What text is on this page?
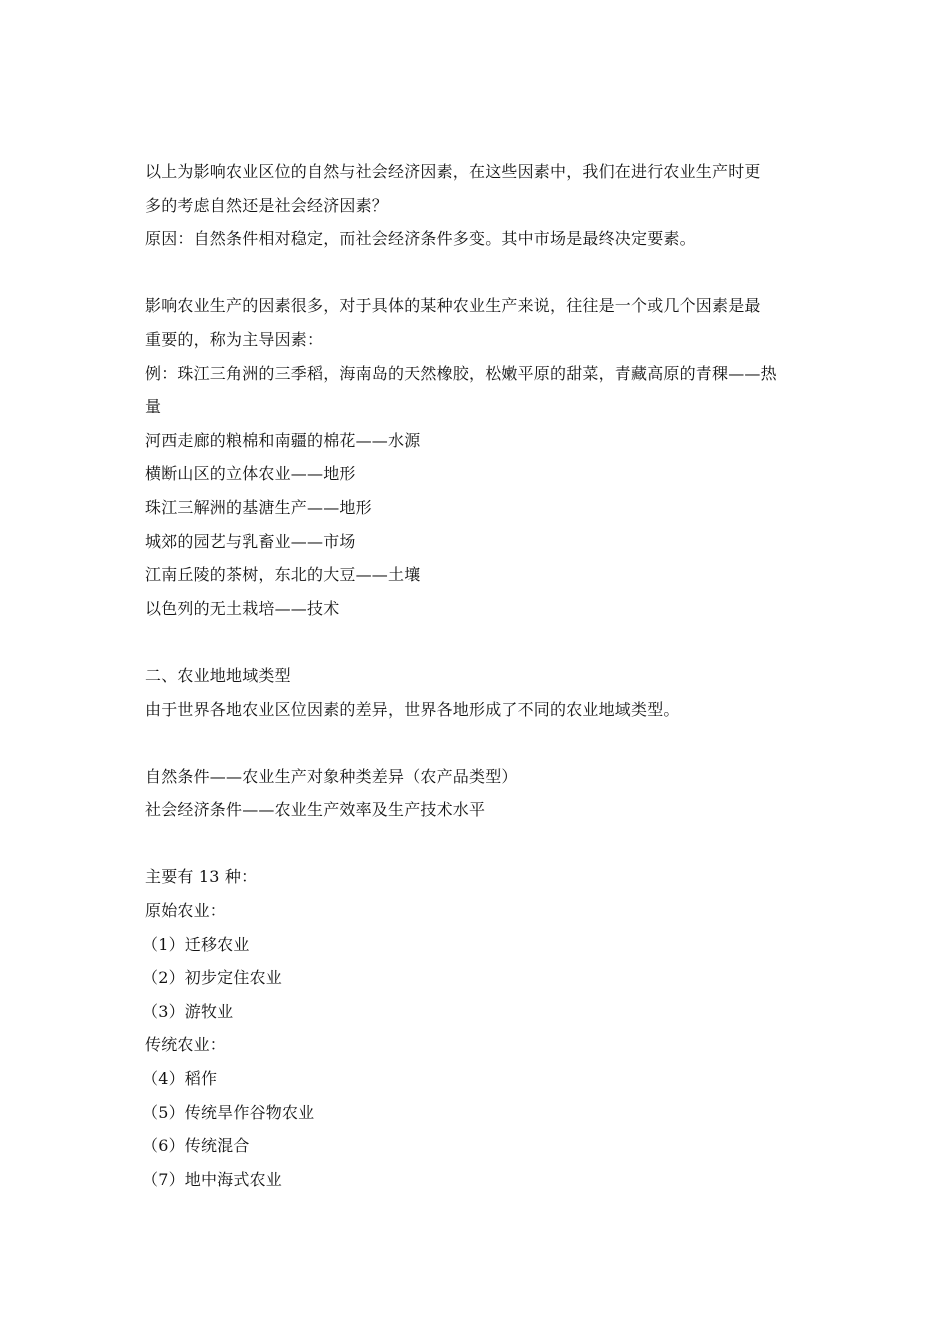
以上为影响农业区位的自然与社会经济因素，在这些因素中，我们在进行农业生产时更
多的考虑自然还是社会经济因素？
原因：自然条件相对稳定，而社会经济条件多变。其中市场是最终决定要素。
影响农业生产的因素很多，对于具体的某种农业生产来说，往往是一个或几个因素是最
重要的，称为主导因素：
例：珠江三角洲的三季稻，海南岛的天然橡胶，松嫩平原的甜菜，青藏高原的青稞——热
量
河西走廊的粮棉和南疆的棉花——水源
横断山区的立体农业——地形
珠江三解洲的基溏生产——地形
城郊的园艺与乳畜业——市场
江南丘陵的茶树，东北的大豆——土壤
以色列的无土栽培——技术
二、农业地地域类型
由于世界各地农业区位因素的差异，世界各地形成了不同的农业地域类型。
自然条件——农业生产对象种类差异（农产品类型）
社会经济条件——农业生产效率及生产技术水平
主要有 13 种：
原始农业：
（1）迁移农业
（2）初步定住农业
（3）游牧业
传统农业：
（4）稻作
（5）传统旱作谷物农业
（6）传统混合
（7）地中海式农业
